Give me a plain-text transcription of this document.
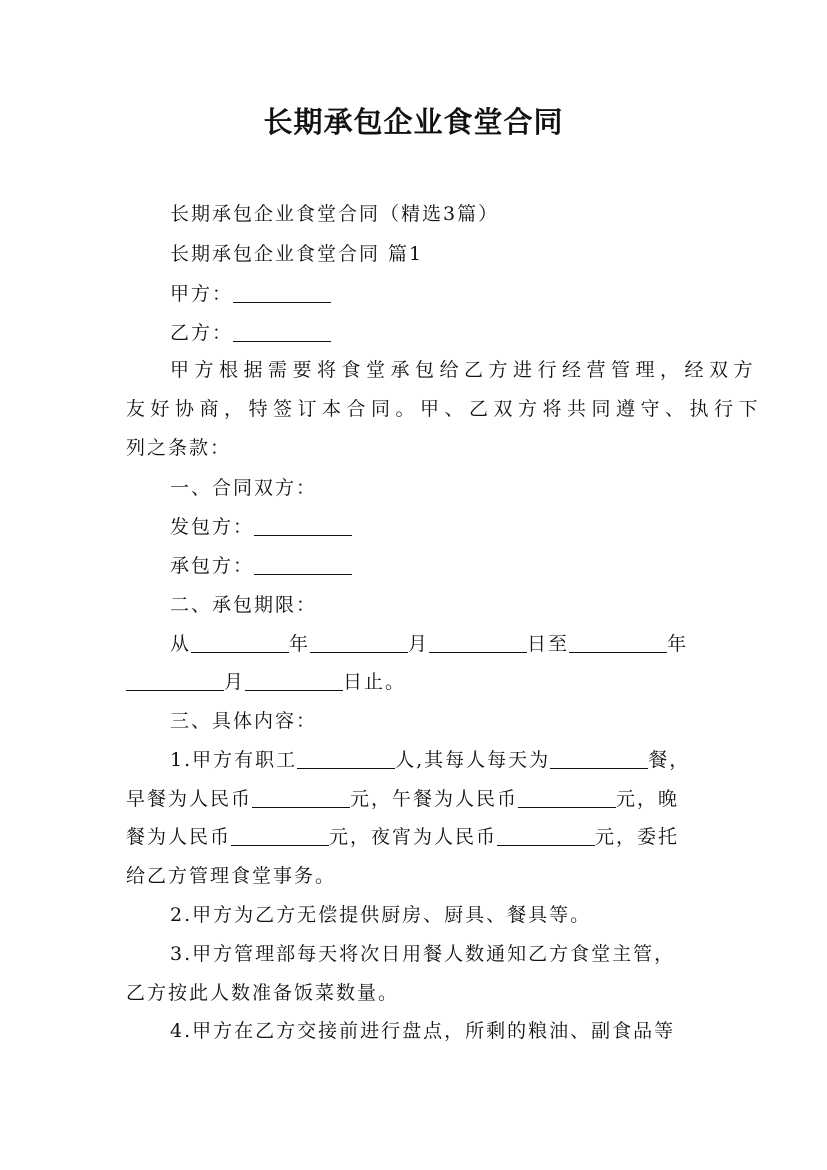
长期承包企业食堂合同
长期承包企业食堂合同（精选3篇）
长期承包企业食堂合同 篇1
甲方：
乙方：
甲方根据需要将食堂承包给乙方进行经营管理，经双方
友好协商，特签订本合同。甲、乙双方将共同遵守、执行下
列之条款：
一、合同双方：
发包方：
承包方：
二、承包期限：
从	年	月	日至	年
月	日止。
三、具体内容：
1.甲方有职工	人,其每人每天为	餐，
早餐为人民币	元，午餐为人民币	元，晚
餐为人民币	元，夜宵为人民币	元，委托
给乙方管理食堂事务。
2.甲方为乙方无偿提供厨房、厨具、餐具等。
3.甲方管理部每天将次日用餐人数通知乙方食堂主管，
乙方按此人数准备饭菜数量。
4.甲方在乙方交接前进行盘点，所剩的粮油、副食品等
